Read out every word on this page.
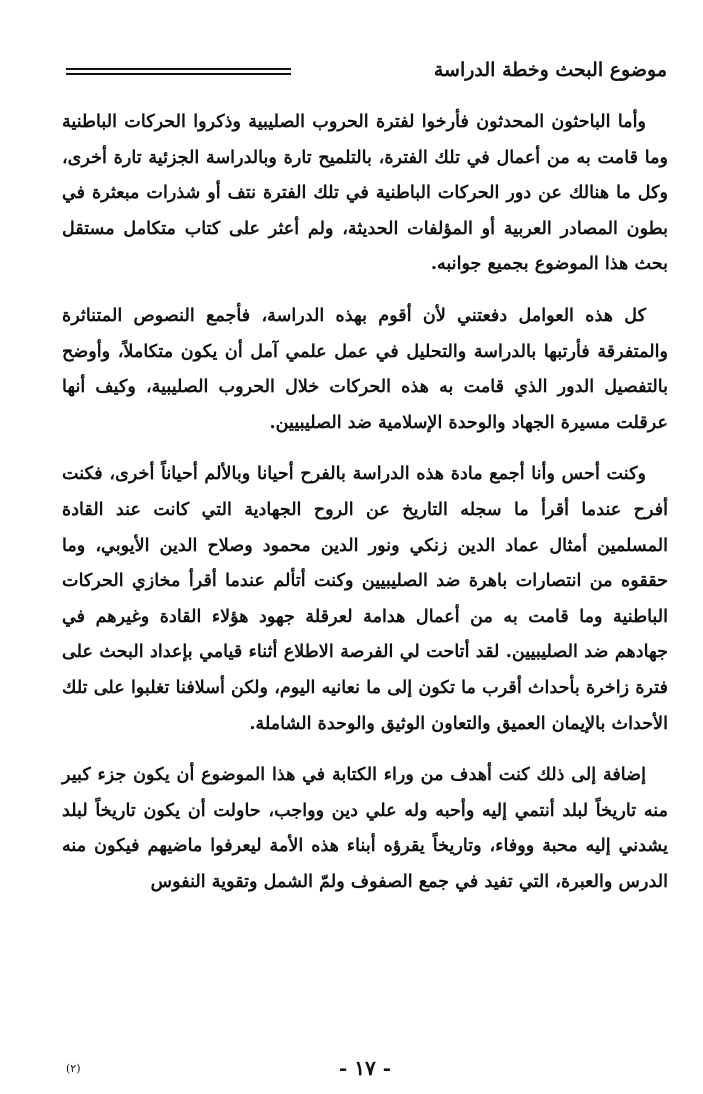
موضوع البحث وخطة الدراسة

وأما الباحثون المحدثون فأرخوا لفترة الحروب الصليبية وذكروا الحركات الباطنية وما قامت به من أعمال في تلك الفترة، بالتلميح تارة وبالدراسة الجزئية تارة أخرى، وكل ما هنالك عن دور الحركات الباطنية في تلك الفترة نتف أو شذرات مبعثرة في بطون المصادر العربية أو المؤلفات الحديثة، ولم أعثر على كتاب متكامل مستقل بحث هذا الموضوع بجميع جوانبه.

كل هذه العوامل دفعتني لأن أقوم بهذه الدراسة، فأجمع النصوص المتناثرة والمتفرقة فأرتبها بالدراسة والتحليل في عمل علمي آمل أن يكون متكاملاً، وأوضح بالتفصيل الدور الذي قامت به هذه الحركات خلال الحروب الصليبية، وكيف أنها عرقلت مسيرة الجهاد والوحدة الإسلامية ضد الصليبيين.

وكنت أحس وأنا أجمع مادة هذه الدراسة بالفرح أحيانا وبالألم أحياناً أخرى، فكنت أفرح عندما أقرأ ما سجله التاريخ عن الروح الجهادية التي كانت عند القادة المسلمين أمثال عماد الدين زنكي ونور الدين محمود وصلاح الدين الأيوبي، وما حققوه من انتصارات باهرة ضد الصليبيين وكنت أتألم عندما أقرأ مخازي الحركات الباطنية وما قامت به من أعمال هدامة لعرقلة جهود هؤلاء القادة وغيرهم في جهادهم ضد الصليبيين. لقد أتاحت لي الفرصة الاطلاع أثناء قيامي بإعداد البحث على فترة زاخرة بأحداث أقرب ما تكون إلى ما نعانيه اليوم، ولكن أسلافنا تغلبوا على تلك الأحداث بالإيمان العميق والتعاون الوثيق والوحدة الشاملة.

إضافة إلى ذلك كنت أهدف من وراء الكتابة في هذا الموضوع أن يكون جزء كبير منه تاريخاً لبلد أنتمي إليه وأحبه وله علي دين وواجب، حاولت أن يكون تاريخاً لبلد يشدني إليه محبة ووفاء، وتاريخاً يقرؤه أبناء هذه الأمة ليعرفوا ماضيهم فيكون منه الدرس والعبرة، التي تفيد في جمع الصفوف ولمّ الشمل وتقوية النفوس

- ١٧ -
(٢)
